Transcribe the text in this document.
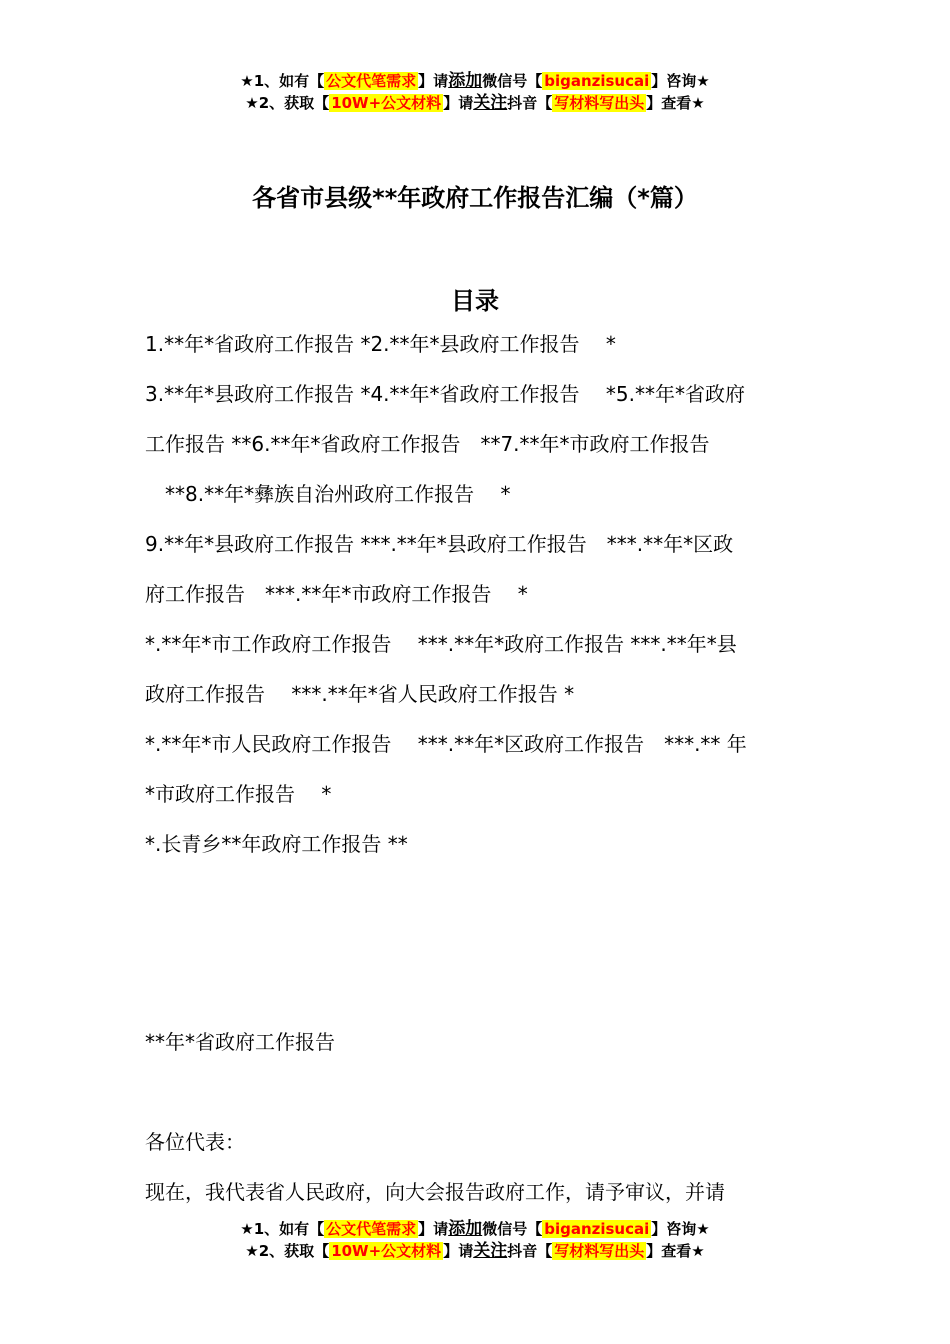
★1、如有【 公文代笔需求 】请添加微信号【 biganzisucai 】咨询★
★2、获取【 10W+公文材料 】请关注抖音【 写材料写出头 】查看★
各省市县级**年政府工作报告汇编（*篇）
目录
1.**年*省政府工作报告 *2.**年*县政府工作报告　 *
3.**年*县政府工作报告 *4.**年*省政府工作报告　 *5.**年*省政府
工作报告 **6.**年*省政府工作报告　**7.**年*市政府工作报告
　**8.**年*彝族自治州政府工作报告　 *
9.**年*县政府工作报告 ***.**年*县政府工作报告　***.**年*区政
府工作报告　***.**年*市政府工作报告　 *
*.**年*市工作政府工作报告　 ***.**年*政府工作报告 ***.**年*县
政府工作报告　 ***.**年*省人民政府工作报告 *
*.**年*市人民政府工作报告　 ***.**年*区政府工作报告　***.** 年
*市政府工作报告　 *
*.长青乡**年政府工作报告 **
**年*省政府工作报告
各位代表：
现在，我代表省人民政府，向大会报告政府工作，请予审议，并请
★1、如有【 公文代笔需求 】请添加微信号【 biganzisucai 】咨询★
★2、获取【 10W+公文材料 】请关注抖音【 写材料写出头 】查看★
